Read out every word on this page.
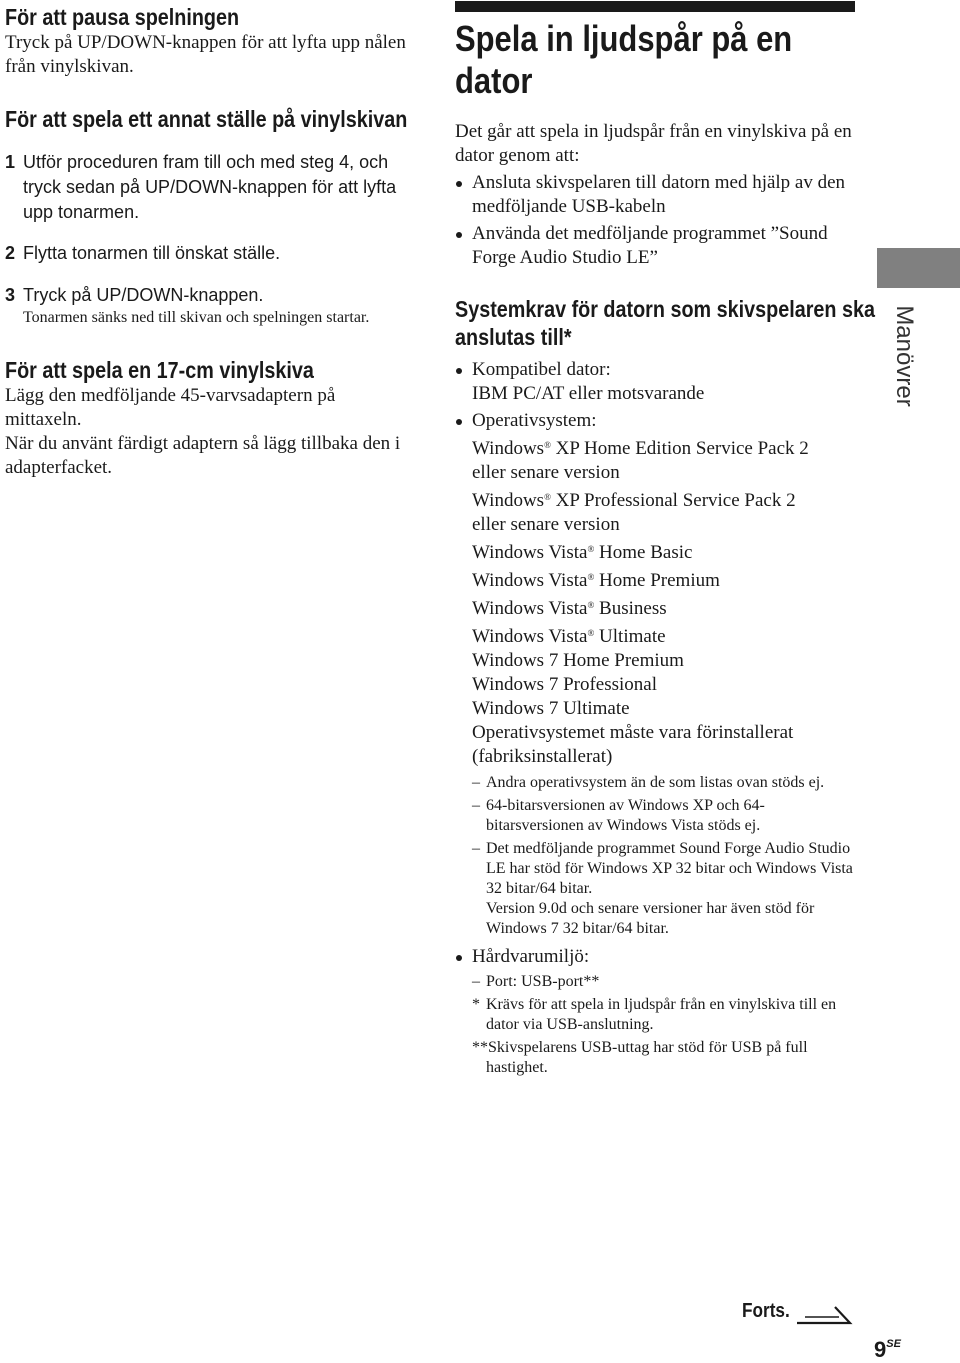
För att pausa spelningen

Tryck på UP/DOWN-knappen för att lyfta upp nålen från vinylskivan.

För att spela ett annat ställe på vinylskivan
1 Utför proceduren fram till och med steg 4, och tryck sedan på UP/DOWN-knappen för att lyfta upp tonarmen.

2 Flytta tonarmen till önskat ställe.

3 Tryck på UP/DOWN-knappen.

Tonarmen sänks ned till skivan och spelningen startar.

För att spela en 17-cm vinylskiva

Lägg den medföljande 45-varvsadaptern på mittaxeln.

När du använt färdigt adaptern så lägg tillbaka den i adapterfacket.

Spela in ljudspår på en
dator

Det går att spela in ljudspår från en vinylskiva på en dator genom att:

Ansluta skivspelaren till datorn med hjälp av den medföljande USB-kabeln

Använda det medföljande programmet ”Sound Forge Audio Studio LE”

Systemkrav för datorn som skivspelaren ska
anslutas till*

Kompatibel dator:

IBM PC/AT eller motsvarande

Operativsystem:

Windows® XP Home Edition Service Pack 2

eller senare version

Windows® XP Professional Service Pack 2

eller senare version

Windows Vista® Home Basic

Windows Vista® Home Premium

Windows Vista® Business

Windows Vista® Ultimate

Windows 7 Home Premium

Windows 7 Professional

Windows 7 Ultimate

Operativsystemet måste vara förinstallerat (fabriksinstallerat)

– Andra operativsystem än de som listas ovan stöds ej.

– 64-bitarsversionen av Windows XP och 64-bitarsversionen av Windows Vista stöds ej.

– Det medföljande programmet Sound Forge Audio Studio LE har stöd för Windows XP 32 bitar och Windows Vista 32 bitar/64 bitar.

Version 9.0d och senare versioner har även stöd för Windows 7 32 bitar/64 bitar.

Hårdvarumiljö:

– Port: USB-port**

* Krävs för att spela in ljudspår från en vinylskiva till en dator via USB-anslutning.

**Skivspelarens USB-uttag har stöd för USB på full hastighet.

Manövrer
Forts.
$9^{SE}$
